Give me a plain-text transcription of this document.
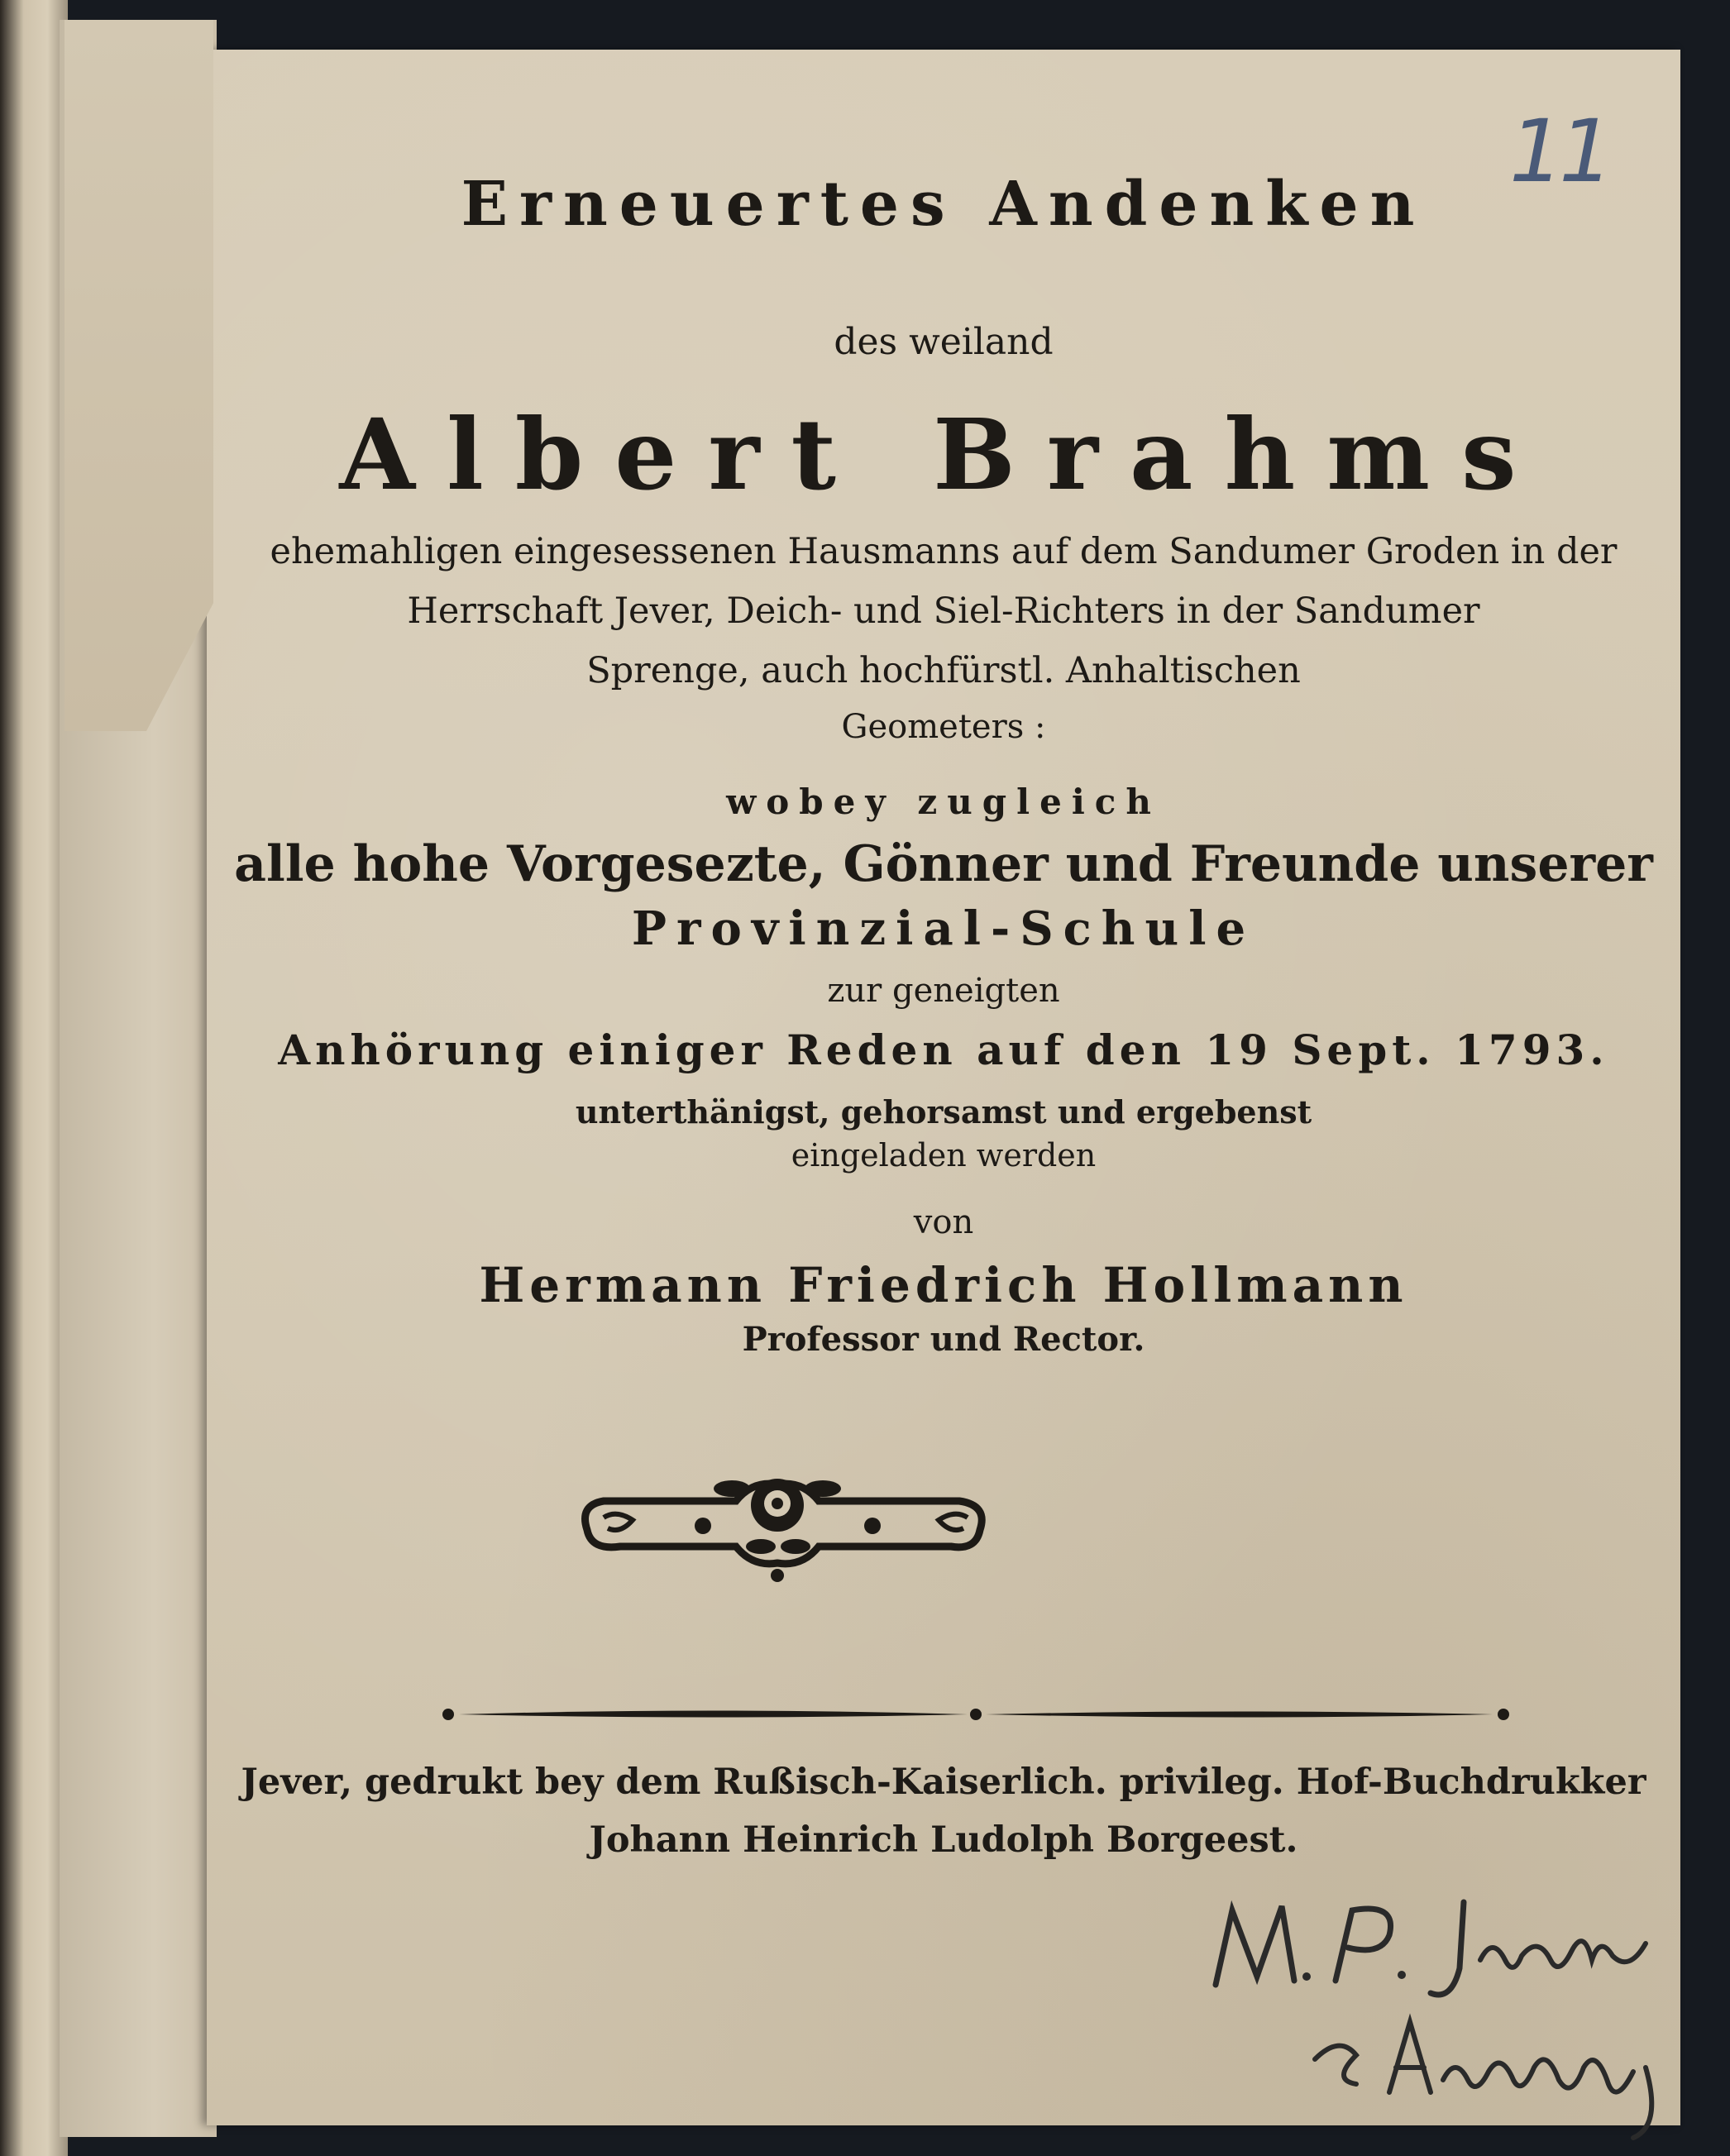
11
Erneuertes Andenken
des weiland
Albert Brahms
ehemahligen eingesessenen Hausmanns auf dem Sandumer Groden in der
Herrschaft Jever, Deich- und Siel-Richters in der Sandumer
Sprenge, auch hochfürstl. Anhaltischen
Geometers :
wobey zugleich
alle hohe Vorgesezte, Gönner und Freunde unserer
Provinzial-Schule
zur geneigten
Anhörung einiger Reden auf den 19 Sept. 1793.
unterthänigst, gehorsamst und ergebenst
eingeladen werden
von
Hermann Friedrich Hollmann
Professor und Rector.
Jever, gedrukt bey dem Rußisch-Kaiserlich. privileg. Hof-Buchdrukker
Johann Heinrich Ludolph Borgeest.
